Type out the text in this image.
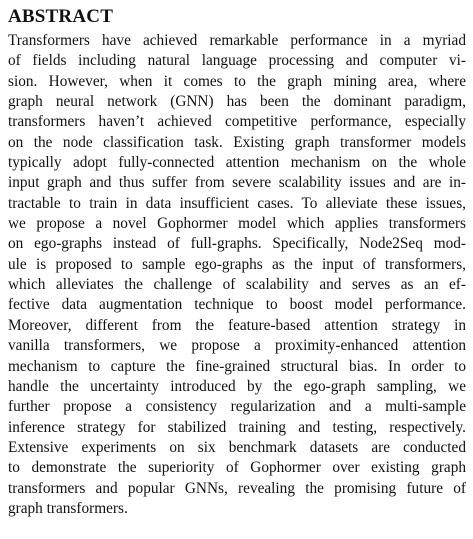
ABSTRACT
Transformers have achieved remarkable performance in a myriad
of fields including natural language processing and computer vi-
sion. However, when it comes to the graph mining area, where
graph neural network (GNN) has been the dominant paradigm,
transformers haven’t achieved competitive performance, especially
on the node classification task. Existing graph transformer models
typically adopt fully-connected attention mechanism on the whole
input graph and thus suffer from severe scalability issues and are in-
tractable to train in data insufficient cases. To alleviate these issues,
we propose a novel Gophormer model which applies transformers
on ego-graphs instead of full-graphs. Specifically, Node2Seq mod-
ule is proposed to sample ego-graphs as the input of transformers,
which alleviates the challenge of scalability and serves as an ef-
fective data augmentation technique to boost model performance.
Moreover, different from the feature-based attention strategy in
vanilla transformers, we propose a proximity-enhanced attention
mechanism to capture the fine-grained structural bias. In order to
handle the uncertainty introduced by the ego-graph sampling, we
further propose a consistency regularization and a multi-sample
inference strategy for stabilized training and testing, respectively.
Extensive experiments on six benchmark datasets are conducted
to demonstrate the superiority of Gophormer over existing graph
transformers and popular GNNs, revealing the promising future of
graph transformers.
